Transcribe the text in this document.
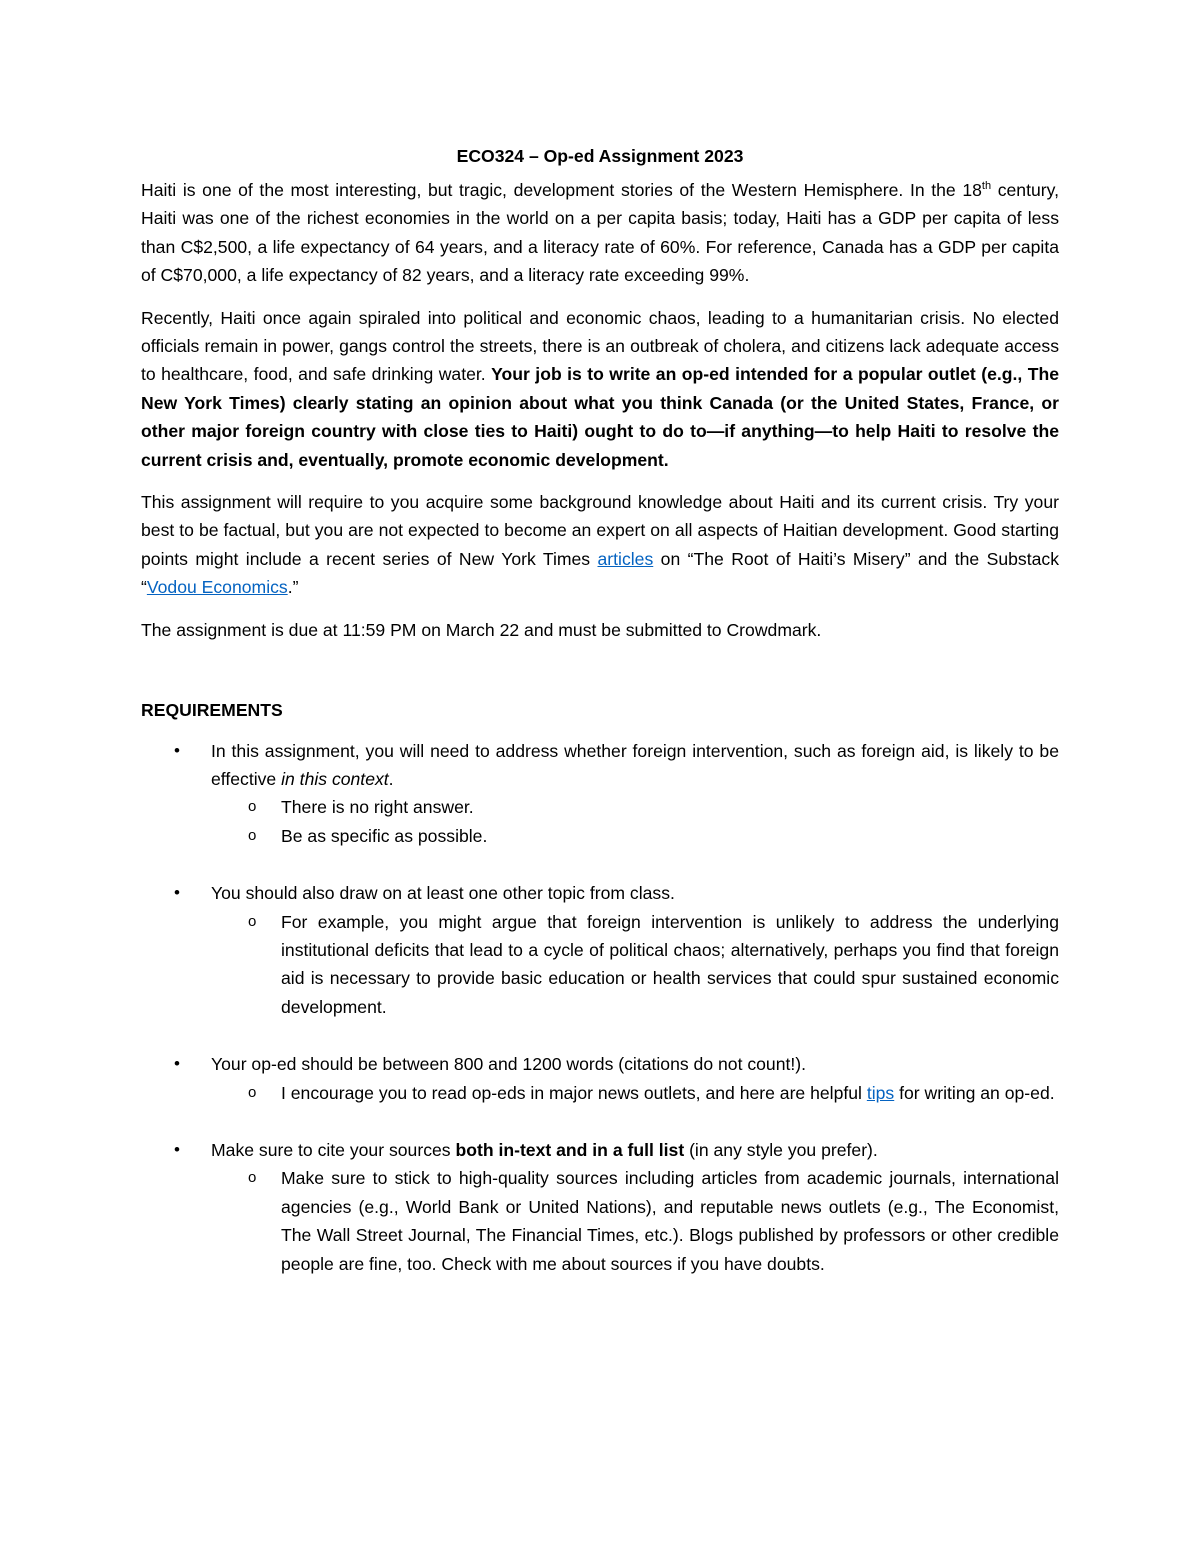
ECO324 – Op-ed Assignment 2023

Haiti is one of the most interesting, but tragic, development stories of the Western Hemisphere. In the 18th century, Haiti was one of the richest economies in the world on a per capita basis; today, Haiti has a GDP per capita of less than C$2,500, a life expectancy of 64 years, and a literacy rate of 60%. For reference, Canada has a GDP per capita of C$70,000, a life expectancy of 82 years, and a literacy rate exceeding 99%.

Recently, Haiti once again spiraled into political and economic chaos, leading to a humanitarian crisis. No elected officials remain in power, gangs control the streets, there is an outbreak of cholera, and citizens lack adequate access to healthcare, food, and safe drinking water. Your job is to write an op-ed intended for a popular outlet (e.g., The New York Times) clearly stating an opinion about what you think Canada (or the United States, France, or other major foreign country with close ties to Haiti) ought to do to—if anything—to help Haiti to resolve the current crisis and, eventually, promote economic development.

This assignment will require to you acquire some background knowledge about Haiti and its current crisis. Try your best to be factual, but you are not expected to become an expert on all aspects of Haitian development. Good starting points might include a recent series of New York Times articles on “The Root of Haiti’s Misery” and the Substack “Vodou Economics.”

The assignment is due at 11:59 PM on March 22 and must be submitted to Crowdmark.

REQUIREMENTS
• In this assignment, you will need to address whether foreign intervention, such as foreign aid, is likely to be effective in this context.
o There is no right answer.
o Be as specific as possible.
• You should also draw on at least one other topic from class.
o For example, you might argue that foreign intervention is unlikely to address the underlying institutional deficits that lead to a cycle of political chaos; alternatively, perhaps you find that foreign aid is necessary to provide basic education or health services that could spur sustained economic development.
• Your op-ed should be between 800 and 1200 words (citations do not count!).
o I encourage you to read op-eds in major news outlets, and here are helpful tips for writing an op-ed.
• Make sure to cite your sources both in-text and in a full list (in any style you prefer).
o Make sure to stick to high-quality sources including articles from academic journals, international agencies (e.g., World Bank or United Nations), and reputable news outlets (e.g., The Economist, The Wall Street Journal, The Financial Times, etc.). Blogs published by professors or other credible people are fine, too. Check with me about sources if you have doubts.
